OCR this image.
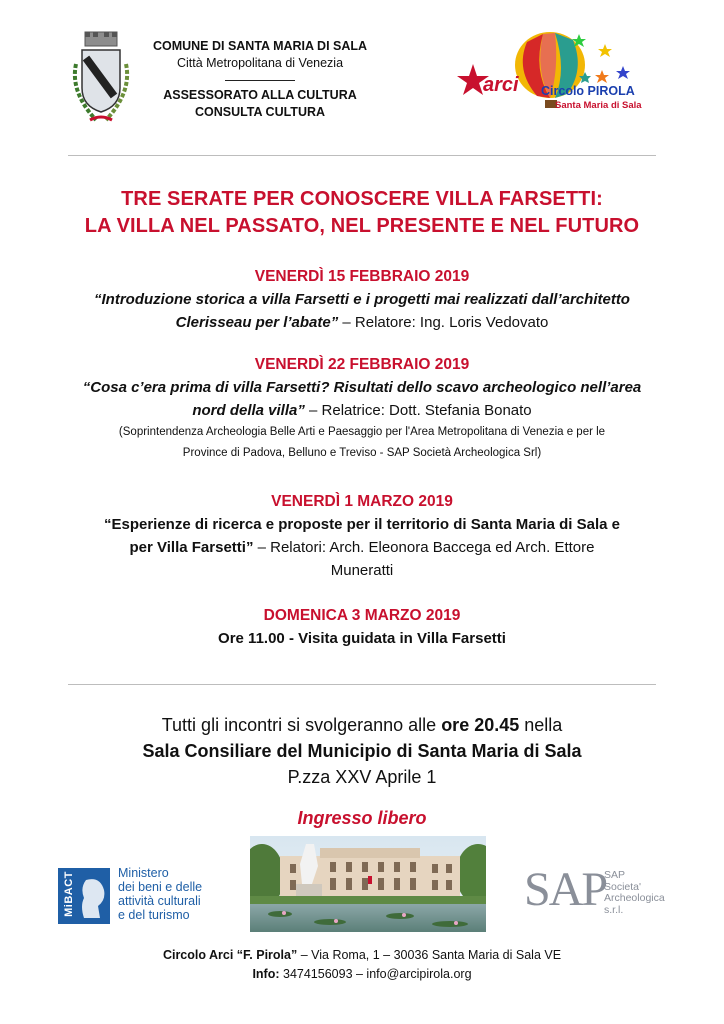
COMUNE DI SANTA MARIA DI SALA
Città Metropolitana di Venezia
ASSESSORATO ALLA CULTURA
CONSULTA CULTURA
arci Circolo PIROLA
Santa Maria di Sala
TRE SERATE PER CONOSCERE VILLA FARSETTI:
LA VILLA NEL PASSATO, NEL PRESENTE E NEL FUTURO
VENERDÌ 15 FEBBRAIO 2019
“Introduzione storica a villa Farsetti e i progetti mai realizzati dall’architetto
Clerisseau per l’abate” – Relatore: Ing. Loris Vedovato
VENERDÌ 22 FEBBRAIO 2019
“Cosa c’era prima di villa Farsetti? Risultati dello scavo archeologico nell’area
nord della villa” – Relatrice: Dott. Stefania Bonato
(Soprintendenza Archeologia Belle Arti e Paesaggio per l'Area Metropolitana di Venezia e per le
Province di Padova, Belluno e Treviso - SAP Società Archeologica Srl)
VENERDÌ 1 MARZO 2019
“Esperienze di ricerca e proposte per il territorio di Santa Maria di Sala e
per Villa Farsetti” – Relatori: Arch. Eleonora Baccega ed Arch. Ettore
Muneratti
DOMENICA 3 MARZO 2019
Ore 11.00 - Visita guidata in Villa Farsetti
Tutti gli incontri si svolgeranno alle ore 20.45 nella
Sala Consiliare del Municipio di Santa Maria di Sala
P.zza XXV Aprile 1
Ingresso libero
MiBACT	Ministero
dei beni e delle
attività culturali
e del turismo	SAP
SAP
Societa'
Archeologica
s.r.l.
Circolo Arci “F. Pirola” – Via Roma, 1 – 30036 Santa Maria di Sala VE
Info: 3474156093 – info@arcipirola.org
